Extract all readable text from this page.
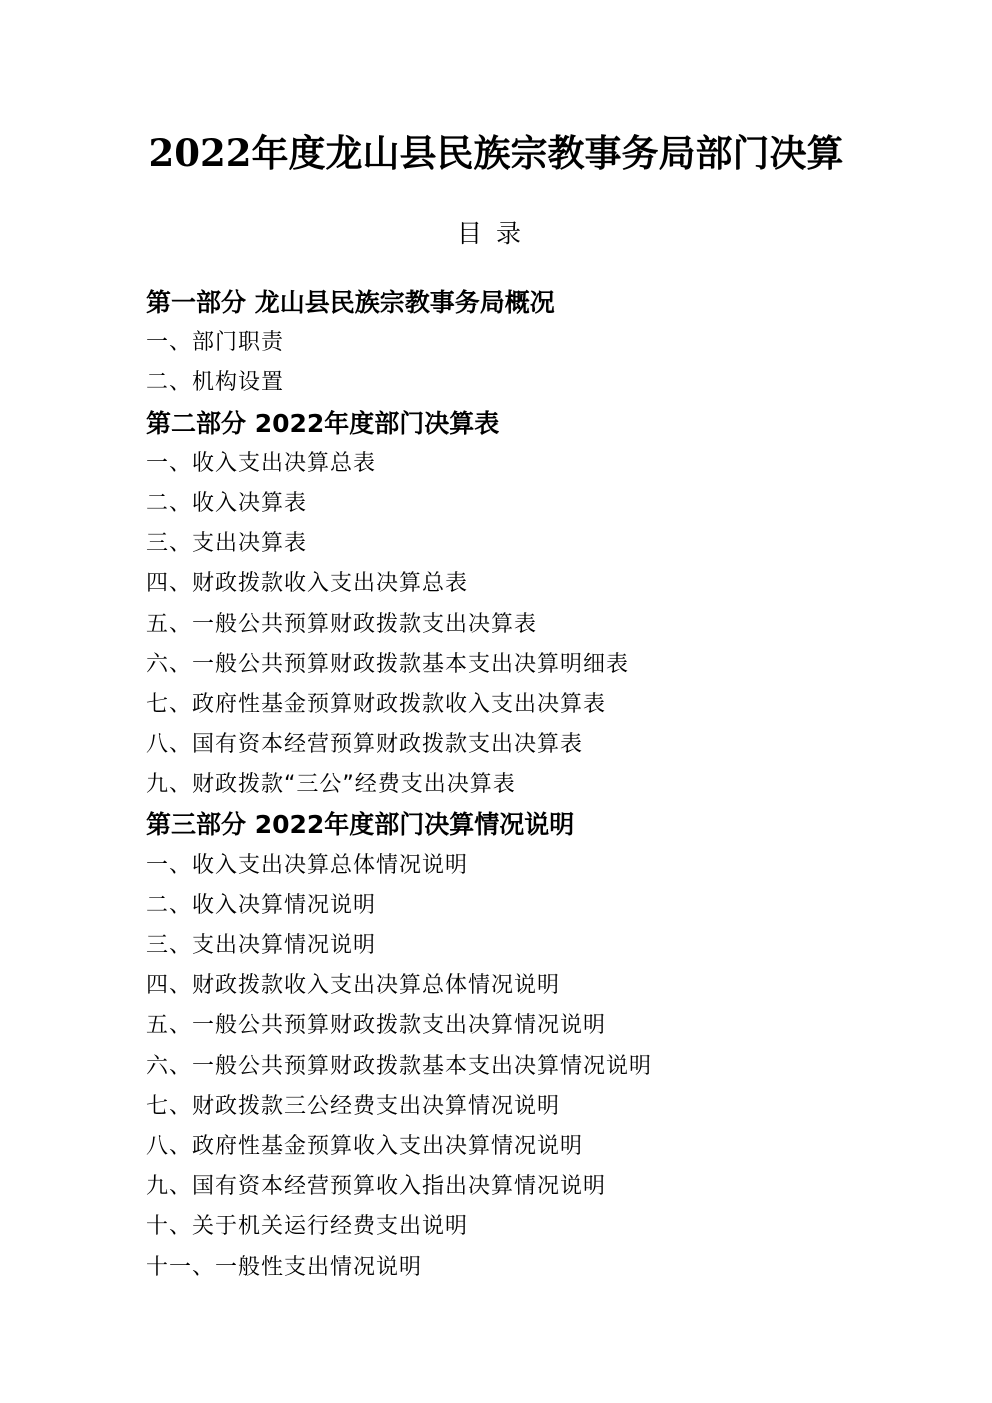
2022年度龙山县民族宗教事务局部门决算
目录
第一部分 龙山县民族宗教事务局概况
一、部门职责
二、机构设置
第二部分 2022年度部门决算表
一、收入支出决算总表
二、收入决算表
三、支出决算表
四、财政拨款收入支出决算总表
五、一般公共预算财政拨款支出决算表
六、一般公共预算财政拨款基本支出决算明细表
七、政府性基金预算财政拨款收入支出决算表
八、国有资本经营预算财政拨款支出决算表
九、财政拨款“三公”经费支出决算表
第三部分 2022年度部门决算情况说明
一、收入支出决算总体情况说明
二、收入决算情况说明
三、支出决算情况说明
四、财政拨款收入支出决算总体情况说明
五、一般公共预算财政拨款支出决算情况说明
六、一般公共预算财政拨款基本支出决算情况说明
七、财政拨款三公经费支出决算情况说明
八、政府性基金预算收入支出决算情况说明
九、国有资本经营预算收入指出决算情况说明
十、关于机关运行经费支出说明
十一、一般性支出情况说明
